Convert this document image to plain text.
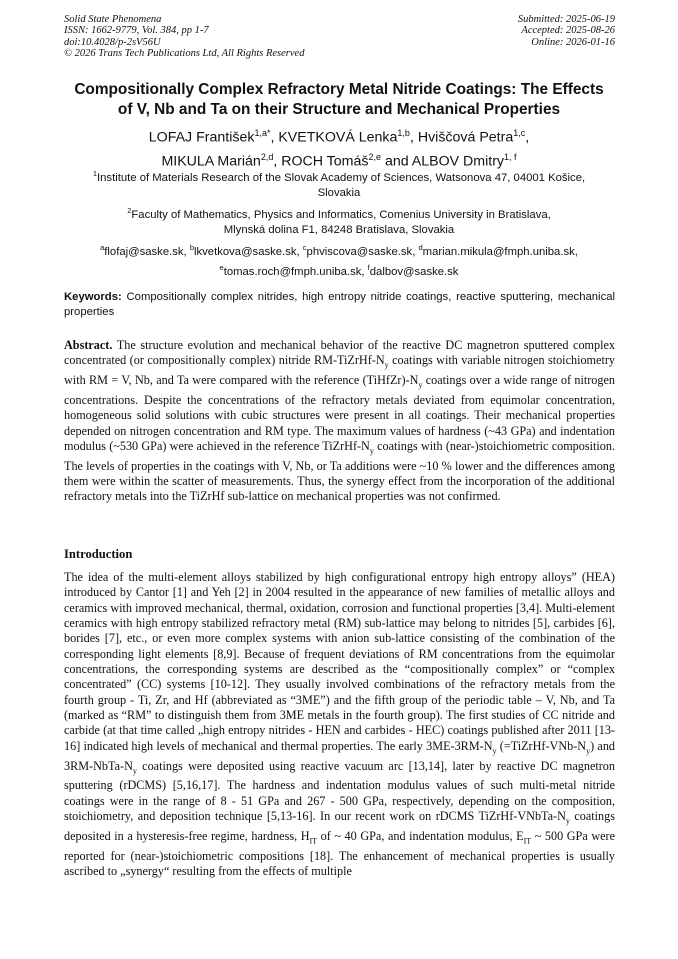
Solid State Phenomena
ISSN: 1662-9779, Vol. 384, pp 1-7
doi:10.4028/p-2sV56U
© 2026 Trans Tech Publications Ltd, All Rights Reserved
Submitted: 2025-06-19
Accepted: 2025-08-26
Online: 2026-01-16
Compositionally Complex Refractory Metal Nitride Coatings: The Effects
of V, Nb and Ta on their Structure and Mechanical Properties
LOFAJ František$^{1,a*}$, KVETKOVÁ Lenka$^{1,b}$, Hviščová Petra$^{1,c}$,
MIKULA Marián$^{2,d}$, ROCH Tomáš$^{2,e}$ and ALBOV Dmitry$^{1, f}$
$^1$Institute of Materials Research of the Slovak Academy of Sciences, Watsonova 47, 04001 Košice,
Slovakia
$^2$Faculty of Mathematics, Physics and Informatics, Comenius University in Bratislava,
Mlynská dolina F1, 84248 Bratislava, Slovakia
$^a$flofaj@saske.sk, $^b$lkvetkova@saske.sk, $^c$phviscova@saske.sk, $^d$marian.mikula@fmph.uniba.sk,
$^e$tomas.roch@fmph.uniba.sk, $^f$dalbov@saske.sk
Keywords: Compositionally complex nitrides, high entropy nitride coatings, reactive sputtering, mechanical properties
Abstract. The structure evolution and mechanical behavior of the reactive DC magnetron sputtered complex concentrated (or compositionally complex) nitride $RM-TiZrHf-N_y$ coatings with variable nitrogen stoichiometry with RM = V, Nb, and Ta were compared with the reference $(TiHfZr)-N_y$ coatings over a wide range of nitrogen concentrations. Despite the concentrations of the refractory metals deviated from equimolar concentration, homogeneous solid solutions with cubic structures were present in all coatings. Their mechanical properties depended on nitrogen concentration and RM type. The maximum values of hardness (~43 GPa) and indentation modulus (~530 GPa) were achieved in the reference TiZrHf-$N_y$ coatings with (near-)stoichiometric composition. The levels of properties in the coatings with V, Nb, or Ta additions were ~10 % lower and the differences among them were within the scatter of measurements. Thus, the synergy effect from the incorporation of the additional refractory metals into the TiZrHf sub-lattice on mechanical properties was not confirmed.
Introduction
The idea of the multi-element alloys stabilized by high configurational entropy high entropy alloys” (HEA) introduced by Cantor [1] and Yeh [2] in 2004 resulted in the appearance of new families of metallic alloys and ceramics with improved mechanical, thermal, oxidation, corrosion and functional properties [3,4]. Multi-element ceramics with high entropy stabilized refractory metal (RM) sub-lattice may belong to nitrides [5], carbides [6], borides [7], etc., or even more complex systems with anion sub-lattice consisting of the combination of the corresponding light elements [8,9]. Because of frequent deviations of RM concentrations from the equimolar concentrations, the corresponding systems are described as the “compositionally complex” or “complex concentrated” (CC) systems [10-12]. They usually involved combinations of the refractory metals from the fourth group - Ti, Zr, and Hf (abbreviated as “3ME”) and the fifth group of the periodic table – V, Nb, and Ta (marked as “RM” to distinguish them from 3ME metals in the fourth group). The first studies of CC nitride and carbide (at that time called „high entropy nitrides - HEN and carbides - HEC) coatings published after 2011 [13-16] indicated high levels of mechanical and thermal properties. The early $3ME-3RM-N_y$ $(=TiZrHf-VNb-N_y)$ and $3RM-NbTa-N_y$ coatings were deposited using reactive vacuum arc [13,14], later by reactive DC magnetron sputtering (rDCMS) [5,16,17]. The hardness and indentation modulus values of such multi-metal nitride coatings were in the range of 8 - 51 GPa and 267 - 500 GPa, respectively, depending on the composition, stoichiometry, and deposition technique [5,13-16]. In our recent work on rDCMS TiZrHf-$VNbTa-N_y$ coatings deposited in a hysteresis-free regime, hardness, $H_{IT}$ of ~ 40 GPa, and indentation modulus, $E_{IT}$ ~ 500 GPa were reported for (near-)stoichiometric compositions [18]. The enhancement of mechanical properties is usually ascribed to „synergy“ resulting from the effects of multiple
